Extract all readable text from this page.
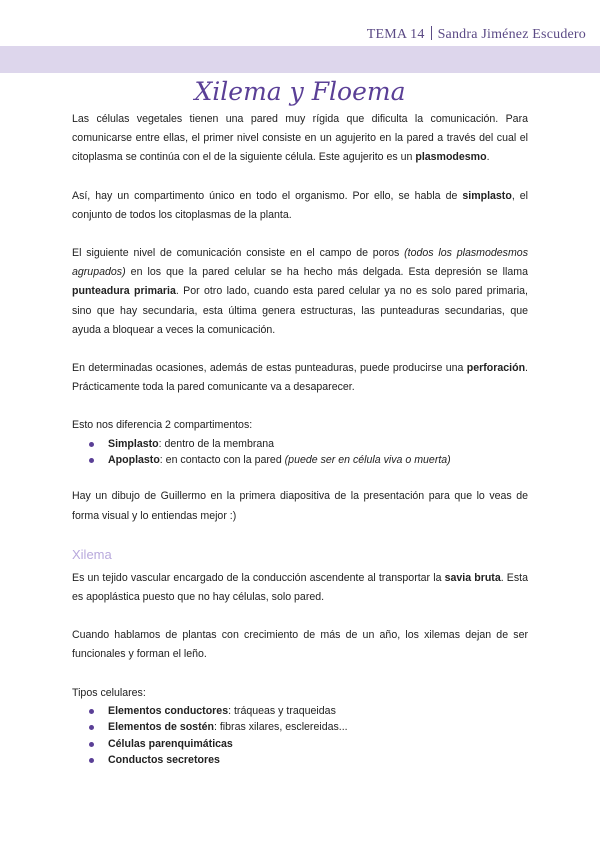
TEMA 14 Sandra Jiménez Escudero
Xilema y Floema

Las células vegetales tienen una pared muy rígida que dificulta la comunicación. Para comunicarse entre ellas, el primer nivel consiste en un agujerito en la pared a través del cual el citoplasma se continúa con el de la siguiente célula. Este agujerito es un plasmodesmo.

Así, hay un compartimento único en todo el organismo. Por ello, se habla de simplasto, el conjunto de todos los citoplasmas de la planta.

El siguiente nivel de comunicación consiste en el campo de poros (todos los plasmodesmos agrupados) en los que la pared celular se ha hecho más delgada. Esta depresión se llama punteadura primaria. Por otro lado, cuando esta pared celular ya no es solo pared primaria, sino que hay secundaria, esta última genera estructuras, las punteaduras secundarias, que ayuda a bloquear a veces la comunicación.

En determinadas ocasiones, además de estas punteaduras, puede producirse una perforación. Prácticamente toda la pared comunicante va a desaparecer.

Esto nos diferencia 2 compartimentos:

Simplasto: dentro de la membrana
Apoplasto: en contacto con la pared (puede ser en célula viva o muerta)

Hay un dibujo de Guillermo en la primera diapositiva de la presentación para que lo veas de forma visual y lo entiendas mejor :)

Xilema

Es un tejido vascular encargado de la conducción ascendente al transportar la savia bruta. Esta es apoplástica puesto que no hay células, solo pared.

Cuando hablamos de plantas con crecimiento de más de un año, los xilemas dejan de ser funcionales y forman el leño.

Tipos celulares:

Elementos conductores: tráqueas y traqueidas
Elementos de sostén: fibras xilares, esclereidas...
Células parenquimáticas
Conductos secretores
